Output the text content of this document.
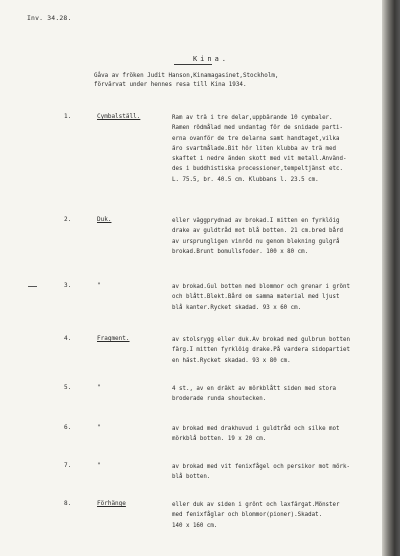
Inv. 34.28.
Kina.
Gåva av fröken Judit Hanson,Kinamagasinet,Stockholm,
förvärvat under hennes resa till Kina 1934.
1.	Cymbalställ.	Ram av trä i tre delar,uppbärande 10 cymbaler.
Ramen rödmålad med undantag för de snidade parti-
erna ovanför de tre delarna samt handtaget,vilka
äro svartmålade.Bit hör liten klubba av trä med
skaftet i nedre änden skott med vit metall.Använd-
des i buddhistiska processioner,tempeltjänst etc.
L. 75.5, br. 40.5 cm. Klubbans l. 23.5 cm.
2.	Duk.	eller väggprydnad av brokad.I mitten en fyrklöig
drake av guldtråd mot blå botten. 21 cm.bred bård
av ursprungligen vinröd nu genom blekning gulgrå
brokad.Brunt bomullsfoder. 100 x 80 cm.
3.	"	av brokad.Gul botten med blommor och grenar i grönt
och blått.Blekt.Bård om samma material med ljust
blå kanter.Rycket skadad. 93 x 60 cm.
4.	Fragment.	av stolsrygg eller duk.Av brokad med gulbrun botten
färg.I mitten fyrklöig drake.På vardera sidopartiet
en häst.Rycket skadad. 93 x 80 cm.
5.	"	4 st., av en dräkt av mörkblått siden med stora
broderade runda shoutecken.
6.	"	av brokad med drakhuvud i guldtråd och silke mot
mörkblå botten. 19 x 20 cm.
7.	"	av brokad med vit fenixfågel och persikor mot mörk-
blå botten.
8.	Förhänge	eller duk av siden i grönt och laxfärgat.Mönster
med fenixfåglar och blommor(pioner).Skadat.
140 x 160 cm.
